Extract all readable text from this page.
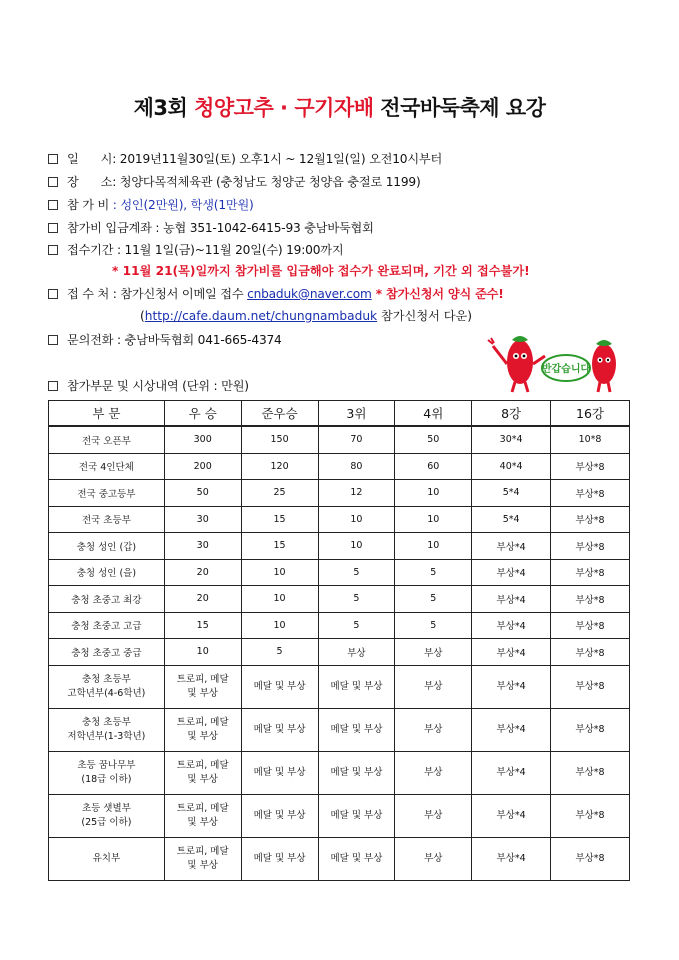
제3회 청양고추 · 구기자배 전국바둑축제 요강
일      시: 2019년11월30일(토) 오후1시 ~ 12월1일(일) 오전10시부터
장      소: 청양다목적체육관 (충청남도 청양군 청양읍 충절로 1199)
참 가 비 : 성인(2만원), 학생(1만원)
참가비 입금계좌 : 농협 351-1042-6415-93 충남바둑협회
접수기간 : 11월 1일(금)~11월 20일(수) 19:00까지
* 11월 21(목)일까지 참가비를 입금해야 접수가 완료되며, 기간 외 접수불가!
접 수 처 : 참가신청서 이메일 접수 cnbaduk@naver.com * 참가신청서 양식 준수!
(http://cafe.daum.net/chungnambaduk 참가신청서 다운)
문의전화 : 충남바둑협회 041-665-4374
반갑습니다
참가부문 및 시상내역 (단위 : 만원)
부 문	우 승	준우승	3위	4위	8강	16강
전국 오픈부	300	150	70	50	30*4	10*8
전국 4인단체	200	120	80	60	40*4	부상*8
전국 중고등부	50	25	12	10	5*4	부상*8
전국 초등부	30	15	10	10	5*4	부상*8
충청 성인 (갑)	30	15	10	10	부상*4	부상*8
충청 성인 (을)	20	10	5	5	부상*4	부상*8
충청 초중고 최강	20	10	5	5	부상*4	부상*8
충청 초중고 고급	15	10	5	5	부상*4	부상*8
충청 초중고 중급	10	5	부상	부상	부상*4	부상*8
충청 초등부
고학년부(4-6학년)	트로피, 메달
및 부상	메달 및 부상	메달 및 부상	부상	부상*4	부상*8
충청 초등부
저학년부(1-3학년)	트로피, 메달
및 부상	메달 및 부상	메달 및 부상	부상	부상*4	부상*8
초등 꿈나무부
(18급 이하)	트로피, 메달
및 부상	메달 및 부상	메달 및 부상	부상	부상*4	부상*8
초등 샛별부
(25급 이하)	트로피, 메달
및 부상	메달 및 부상	메달 및 부상	부상	부상*4	부상*8
유치부	트로피, 메달
및 부상	메달 및 부상	메달 및 부상	부상	부상*4	부상*8
